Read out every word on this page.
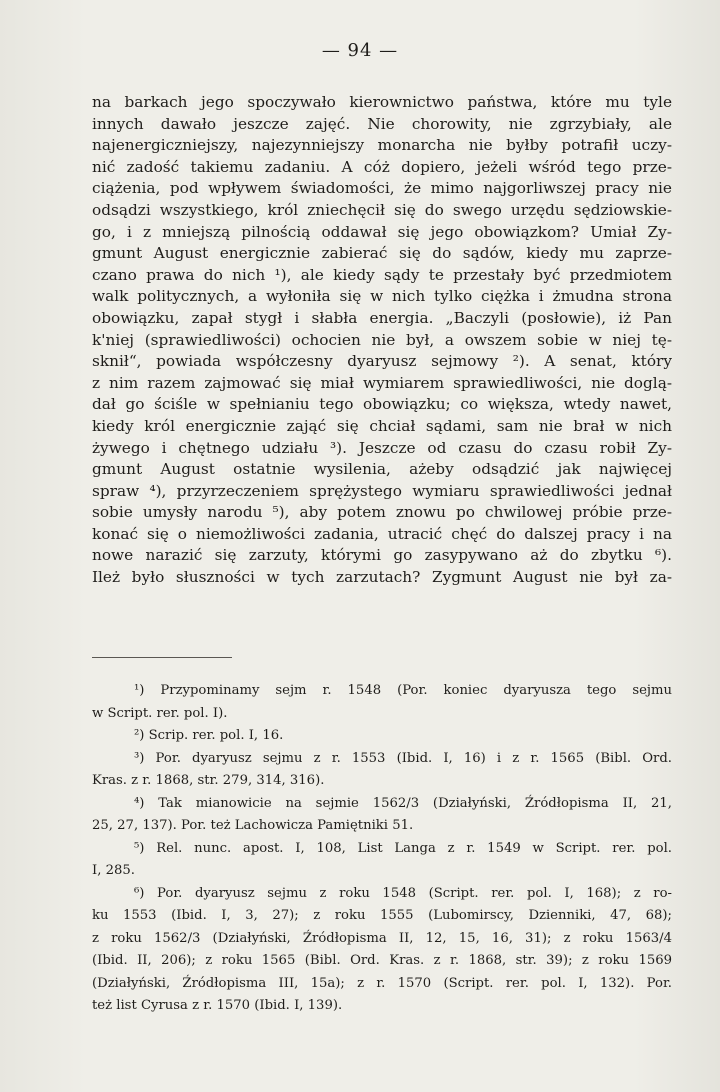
— 94 —
na barkach jego spoczywało kierownictwo państwa, które mu tyle
innych dawało jeszcze zajęć. Nie chorowity, nie zgrzybiały, ale
najenergiczniejszy, najezynniejszy monarcha nie byłby potrafił uczy-
nić zadość takiemu zadaniu. A cóż dopiero, jeżeli wśród tego prze-
ciążenia, pod wpływem świadomości, że mimo najgorliwszej pracy nie
odsądzi wszystkiego, król zniechęcił się do swego urzędu sędziowskie-
go, i z mniejszą pilnością oddawał się jego obowiązkom? Umiał Zy-
gmunt August energicznie zabierać się do sądów, kiedy mu zaprze-
czano prawa do nich ¹), ale kiedy sądy te przestały być przedmiotem
walk politycznych, a wyłoniła się w nich tylko ciężka i żmudna strona
obowiązku, zapał stygł i słabła energia. „Baczyli (posłowie), iż Pan
k'niej (sprawiedliwości) ochocien nie był, a owszem sobie w niej tę-
sknił“, powiada współczesny dyaryusz sejmowy ²). A senat, który
z nim razem zajmować się miał wymiarem sprawiedliwości, nie doglą-
dał go ściśle w spełnianiu tego obowiązku; co większa, wtedy nawet,
kiedy król energicznie zająć się chciał sądami, sam nie brał w nich
żywego i chętnego udziału ³). Jeszcze od czasu do czasu robił Zy-
gmunt August ostatnie wysilenia, ażeby odsądzić jak najwięcej
spraw ⁴), przyrzeczeniem sprężystego wymiaru sprawiedliwości jednał
sobie umysły narodu ⁵), aby potem znowu po chwilowej próbie prze-
konać się o niemożliwości zadania, utracić chęć do dalszej pracy i na
nowe narazić się zarzuty, którymi go zasypywano aż do zbytku ⁶).
Ileż było słuszności w tych zarzutach? Zygmunt August nie był za-
¹) Przypominamy sejm r. 1548 (Por. koniec dyaryusza tego sejmu
w Script. rer. pol. I).
²) Scrip. rer. pol. I, 16.
³) Por. dyaryusz sejmu z r. 1553 (Ibid. I, 16) i z r. 1565 (Bibl. Ord.
Kras. z r. 1868, str. 279, 314, 316).
⁴) Tak mianowicie na sejmie 1562/3 (Działyński, Źródłopisma II, 21,
25, 27, 137). Por. też Lachowicza Pamiętniki 51.
⁵) Rel. nunc. apost. I, 108, List Langa z r. 1549 w Script. rer. pol.
I, 285.
⁶) Por. dyaryusz sejmu z roku 1548 (Script. rer. pol. I, 168); z ro-
ku 1553 (Ibid. I, 3, 27); z roku 1555 (Lubomirscy, Dzienniki, 47, 68);
z roku 1562/3 (Działyński, Źródłopisma II, 12, 15, 16, 31); z roku 1563/4
(Ibid. II, 206); z roku 1565 (Bibl. Ord. Kras. z r. 1868, str. 39); z roku 1569
(Działyński, Źródłopisma III, 15a); z r. 1570 (Script. rer. pol. I, 132). Por.
też list Cyrusa z r. 1570 (Ibid. I, 139).
